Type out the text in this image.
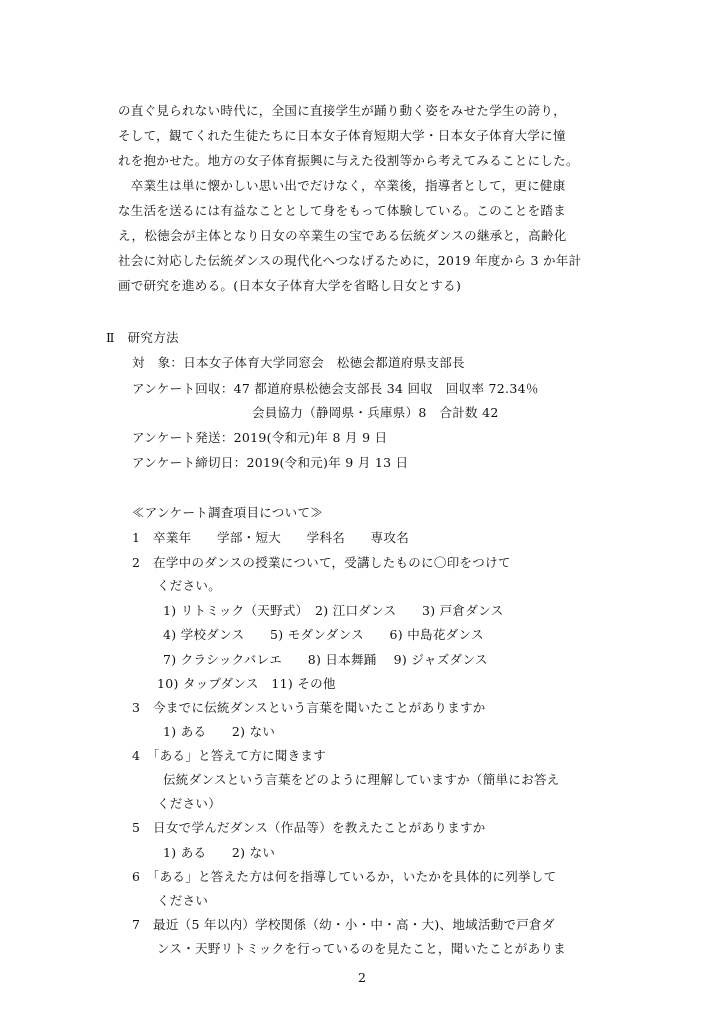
の直ぐ見られない時代に，全国に直接学生が踊り動く姿をみせた学生の誇り，
そして，観てくれた生徒たちに日本女子体育短期大学・日本女子体育大学に憧
れを抱かせた。地方の女子体育振興に与えた役割等から考えてみることにした。
　卒業生は単に懐かしい思い出でだけなく，卒業後，指導者として，更に健康
な生活を送るには有益なこととして身をもって体験している。このことを踏ま
え，松徳会が主体となり日女の卒業生の宝である伝統ダンスの継承と，高齢化
社会に対応した伝統ダンスの現代化へつなげるために，2019 年度から 3 か年計
画で研究を進める。(日本女子体育大学を省略し日女とする)
Ⅱ　研究方法
対　象：日本女子体育大学同窓会　松徳会都道府県支部長
アンケート回収：47 都道府県松徳会支部長 34 回収　回収率 72.34％
会員協力（静岡県・兵庫県）8　合計数 42
アンケート発送：2019(令和元)年 8 月 9 日
アンケート締切日：2019(令和元)年 9 月 13 日
≪アンケート調査項目について≫
1　卒業年　　学部・短大　　学科名　　専攻名
2　在学中のダンスの授業について，受講したものに〇印をつけて
ください。
1) リトミック（天野式）　2) 江口ダンス　　3) 戸倉ダンス
4) 学校ダンス　　5) モダンダンス　　6) 中島花ダンス
7) クラシックバレエ　　8) 日本舞踊　 9) ジャズダンス
10) タップダンス　11) その他
3　今までに伝統ダンスという言葉を聞いたことがありますか
1) ある　　2) ない
4　「ある」と答えて方に聞きます
伝統ダンスという言葉をどのように理解していますか（簡単にお答え
ください）
5　日女で学んだダンス（作品等）を教えたことがありますか
1) ある　　2) ない
6　「ある」と答えた方は何を指導しているか，いたかを具体的に列挙して
ください
7　最近（5 年以内）学校関係（幼・小・中・高・大)、地域活動で戸倉ダ
ンス・天野リトミックを行っているのを見たこと，聞いたことがありま
2
